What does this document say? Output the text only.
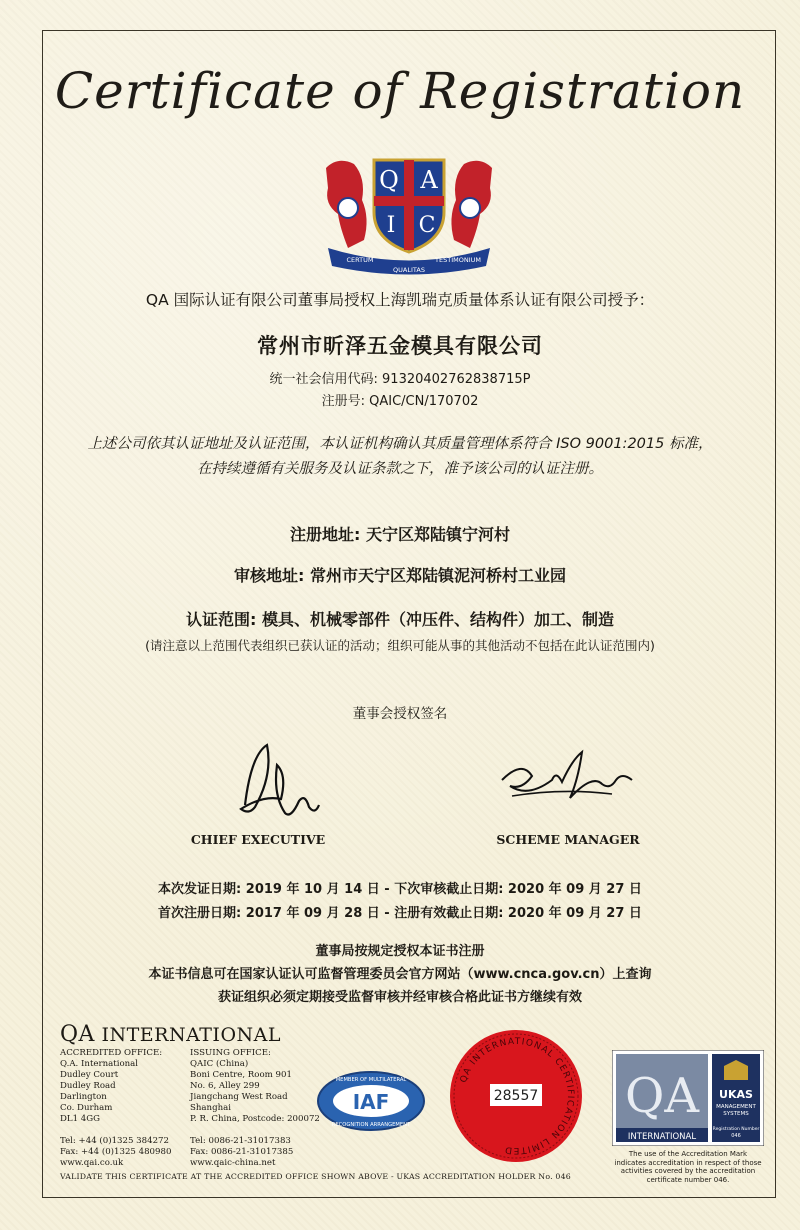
Certificate of Registration
Q A
I C
CERTUM	TESTIMONIUM
QUALITAS
QA 国际认证有限公司董事局授权上海凯瑞克质量体系认证有限公司授予：
常州市昕泽五金模具有限公司
统一社会信用代码: 91320402762838715P
注册号: QAIC/CN/170702
上述公司依其认证地址及认证范围，本认证机构确认其质量管理体系符合 ISO 9001:2015 标准，
在持续遵循有关服务及认证条款之下，准予该公司的认证注册。
注册地址: 天宁区郑陆镇宁河村
审核地址: 常州市天宁区郑陆镇泥河桥村工业园
认证范围: 模具、机械零部件（冲压件、结构件）加工、制造
(请注意以上范围代表组织已获认证的活动；组织可能从事的其他活动不包括在此认证范围内)
董事会授权签名
CHIEF EXECUTIVE	SCHEME MANAGER
本次发证日期: 2019 年 10 月 14 日 - 下次审核截止日期: 2020 年 09 月 27 日
首次注册日期: 2017 年 09 月 28 日 - 注册有效截止日期: 2020 年 09 月 27 日
董事局按规定授权本证书注册
本证书信息可在国家认证认可监督管理委员会官方网站（www.cnca.gov.cn）上查询
获证组织必须定期接受监督审核并经审核合格此证书方继续有效
QA INTERNATIONAL
ACCREDITED OFFICE:
Q.A. International
Dudley Court
Dudley Road
Darlington
Co. Durham
DL1 4GG
Tel: +44 (0)1325 384272
Fax: +44 (0)1325 480980
www.qai.co.uk
ISSUING OFFICE:
QAIC (China)
Boni Centre, Room 901
No. 6, Alley 299
Jiangchang West Road
Shanghai
P. R. China, Postcode: 200072
Tel: 0086-21-31017383
Fax: 0086-21-31017385
www.qaic-china.net
IAF
MEMBER OF MULTILATERAL
RECOGNITION ARRANGEMENT
QA INTERNATIONAL CERTIFICATION LIMITED
28557 QA
INTERNATIONAL
UKAS
MANAGEMENT
SYSTEMS
Registration Number
046
The use of the Accreditation Mark indicates accreditation in respect of those activities covered by the accreditation certificate number 046.
VALIDATE THIS CERTIFICATE AT THE ACCREDITED OFFICE SHOWN ABOVE - UKAS ACCREDITATION HOLDER No. 046
